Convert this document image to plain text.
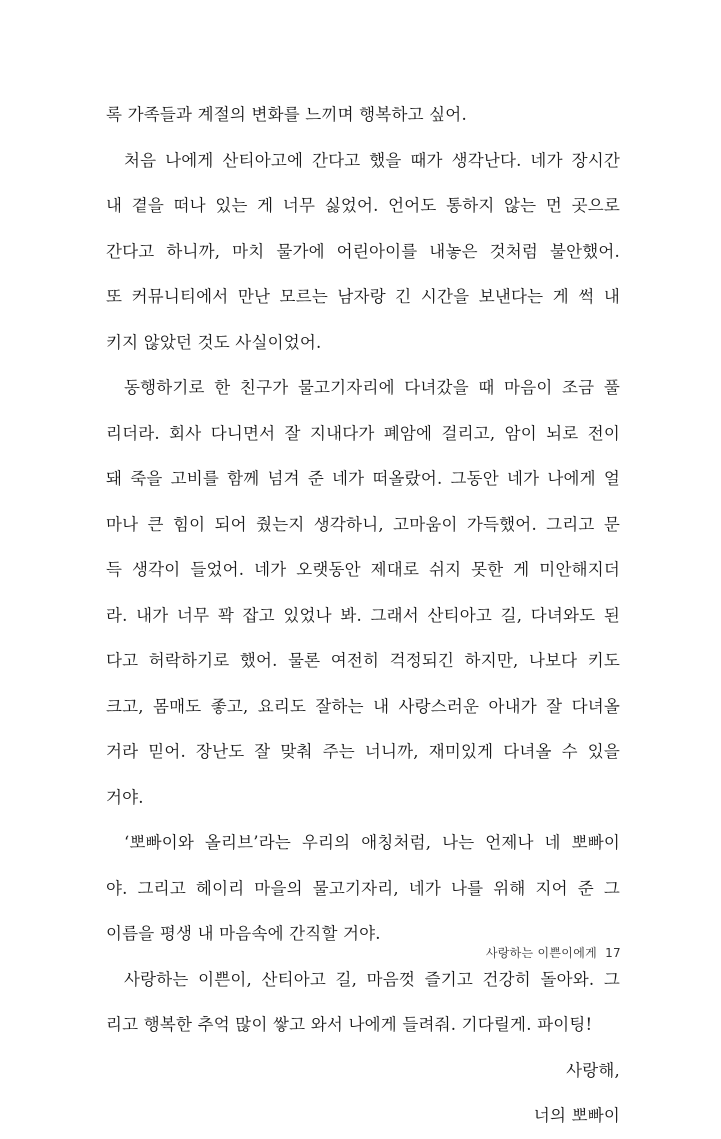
록 가족들과 계절의 변화를 느끼며 행복하고 싶어.
처음 나에게 산티아고에 간다고 했을 때가 생각난다. 네가 장시간
내 곁을 떠나 있는 게 너무 싫었어. 언어도 통하지 않는 먼 곳으로
간다고 하니까, 마치 물가에 어린아이를 내놓은 것처럼 불안했어.
또 커뮤니티에서 만난 모르는 남자랑 긴 시간을 보낸다는 게 썩 내
키지 않았던 것도 사실이었어.
동행하기로 한 친구가 물고기자리에 다녀갔을 때 마음이 조금 풀
리더라. 회사 다니면서 잘 지내다가 폐암에 걸리고, 암이 뇌로 전이
돼 죽을 고비를 함께 넘겨 준 네가 떠올랐어. 그동안 네가 나에게 얼
마나 큰 힘이 되어 줬는지 생각하니, 고마움이 가득했어. 그리고 문
득 생각이 들었어. 네가 오랫동안 제대로 쉬지 못한 게 미안해지더
라. 내가 너무 꽉 잡고 있었나 봐. 그래서 산티아고 길, 다녀와도 된
다고 허락하기로 했어. 물론 여전히 걱정되긴 하지만, 나보다 키도
크고, 몸매도 좋고, 요리도 잘하는 내 사랑스러운 아내가 잘 다녀올
거라 믿어. 장난도 잘 맞춰 주는 너니까, 재미있게 다녀올 수 있을
거야.
‘뽀빠이와 올리브’라는 우리의 애칭처럼, 나는 언제나 네 뽀빠이
야. 그리고 헤이리 마을의 물고기자리, 네가 나를 위해 지어 준 그
이름을 평생 내 마음속에 간직할 거야.
사랑하는 이쁜이, 산티아고 길, 마음껏 즐기고 건강히 돌아와. 그
리고 행복한 추억 많이 쌓고 와서 나에게 들려줘. 기다릴게. 파이팅!
사랑해,
너의 뽀빠이
사랑하는 이쁜이에게 17
